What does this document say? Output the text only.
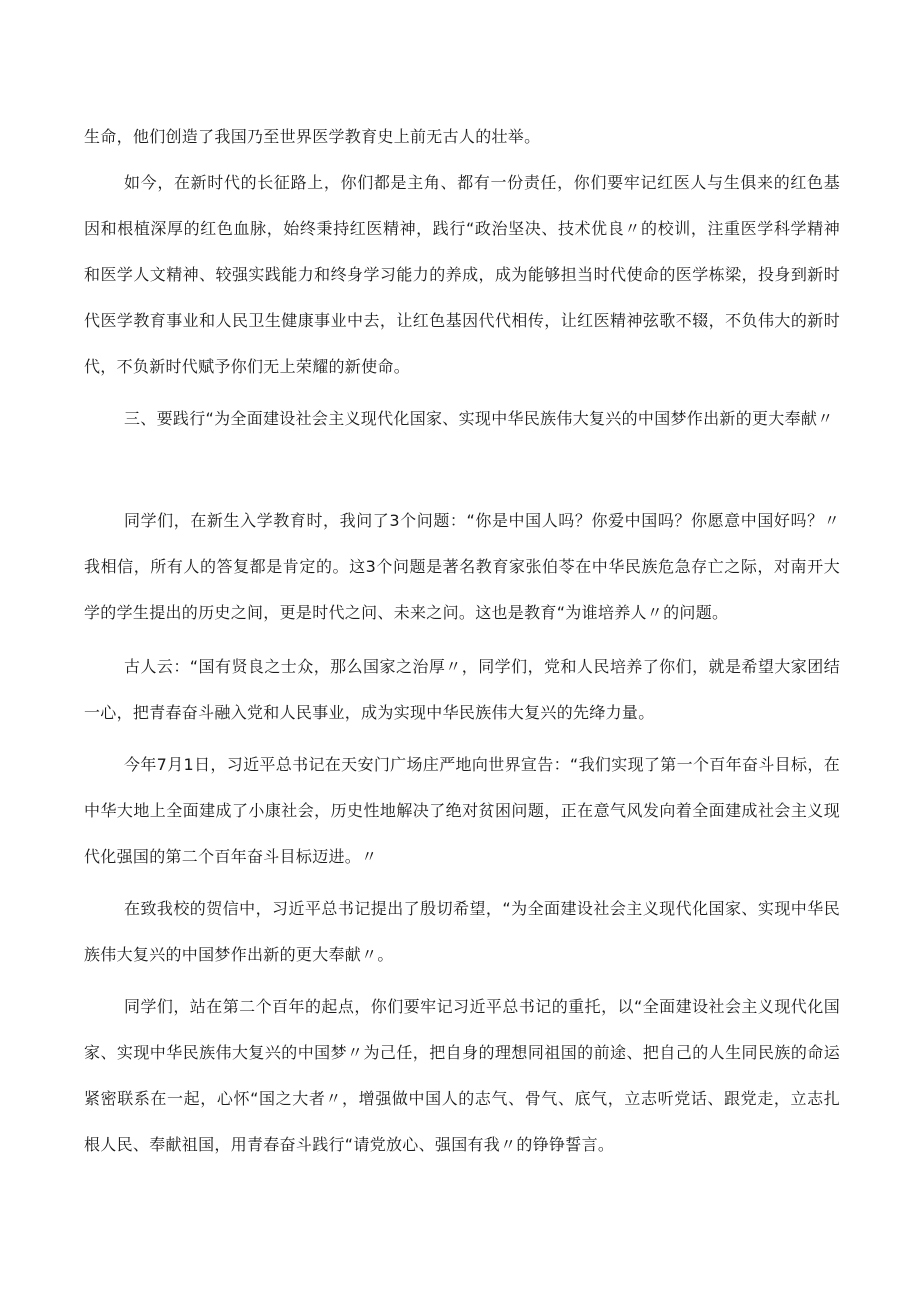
生命，他们创造了我国乃至世界医学教育史上前无古人的壮举。

如今，在新时代的长征路上，你们都是主角、都有一份责任，你们要牢记红医人与生俱来的红色基因和根植深厚的红色血脉，始终秉持红医精神，践行“政治坚决、技术优良〃的校训，注重医学科学精神和医学人文精神、较强实践能力和终身学习能力的养成，成为能够担当时代使命的医学栋梁，投身到新时代医学教育事业和人民卫生健康事业中去，让红色基因代代相传，让红医精神弦歌不辍，不负伟大的新时代，不负新时代赋予你们无上荣耀的新使命。

三、要践行“为全面建设社会主义现代化国家、实现中华民族伟大复兴的中国梦作出新的更大奉献〃

同学们，在新生入学教育时，我问了3个问题：“你是中国人吗？你爱中国吗？你愿意中国好吗？〃我相信，所有人的答复都是肯定的。这3个问题是著名教育家张伯苓在中华民族危急存亡之际，对南开大学的学生提出的历史之间，更是时代之问、未来之问。这也是教育“为谁培养人〃的问题。

古人云：“国有贤良之士众，那么国家之治厚〃，同学们，党和人民培养了你们，就是希望大家团结一心，把青春奋斗融入党和人民事业，成为实现中华民族伟大复兴的先绛力量。

今年7月1日，习近平总书记在天安门广场庄严地向世界宣告：“我们实现了第一个百年奋斗目标，在中华大地上全面建成了小康社会，历史性地解决了绝对贫困问题，正在意气风发向着全面建成社会主义现代化强国的第二个百年奋斗目标迈进。〃

在致我校的贺信中，习近平总书记提出了殷切希望，“为全面建设社会主义现代化国家、实现中华民族伟大复兴的中国梦作出新的更大奉献〃。

同学们，站在第二个百年的起点，你们要牢记习近平总书记的重托，以“全面建设社会主义现代化国家、实现中华民族伟大复兴的中国梦〃为己任，把自身的理想同祖国的前途、把自己的人生同民族的命运紧密联系在一起，心怀“国之大者〃，增强做中国人的志气、骨气、底气，立志听党话、跟党走，立志扎根人民、奉献祖国，用青春奋斗践行“请党放心、强国有我〃的铮铮誓言。
